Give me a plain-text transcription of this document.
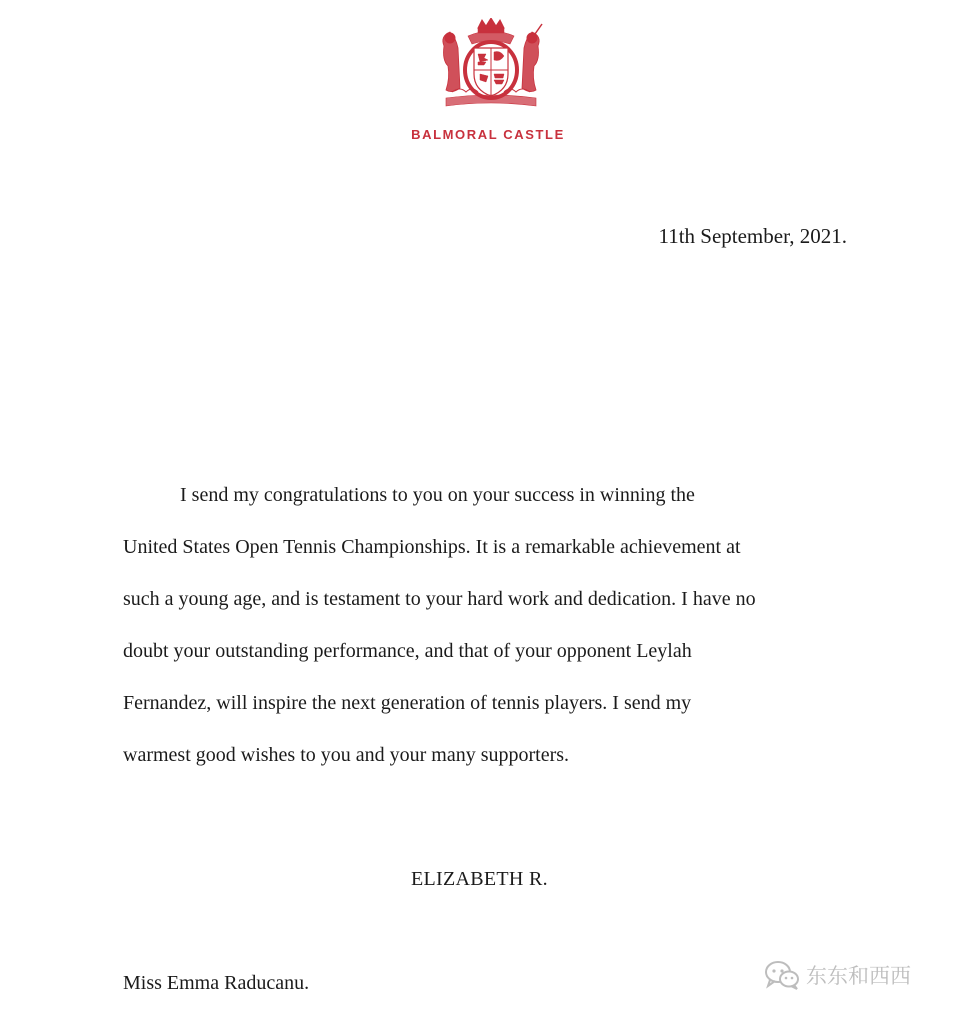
BALMORAL CASTLE
11th September, 2021.
I send my congratulations to you on your success in winning the
United States Open Tennis Championships. It is a remarkable achievement at
such a young age, and is testament to your hard work and dedication. I have no
doubt your outstanding performance, and that of your opponent Leylah
Fernandez, will inspire the next generation of tennis players. I send my
warmest good wishes to you and your many supporters.
ELIZABETH R.
Miss Emma Raducanu.	东东和西西
